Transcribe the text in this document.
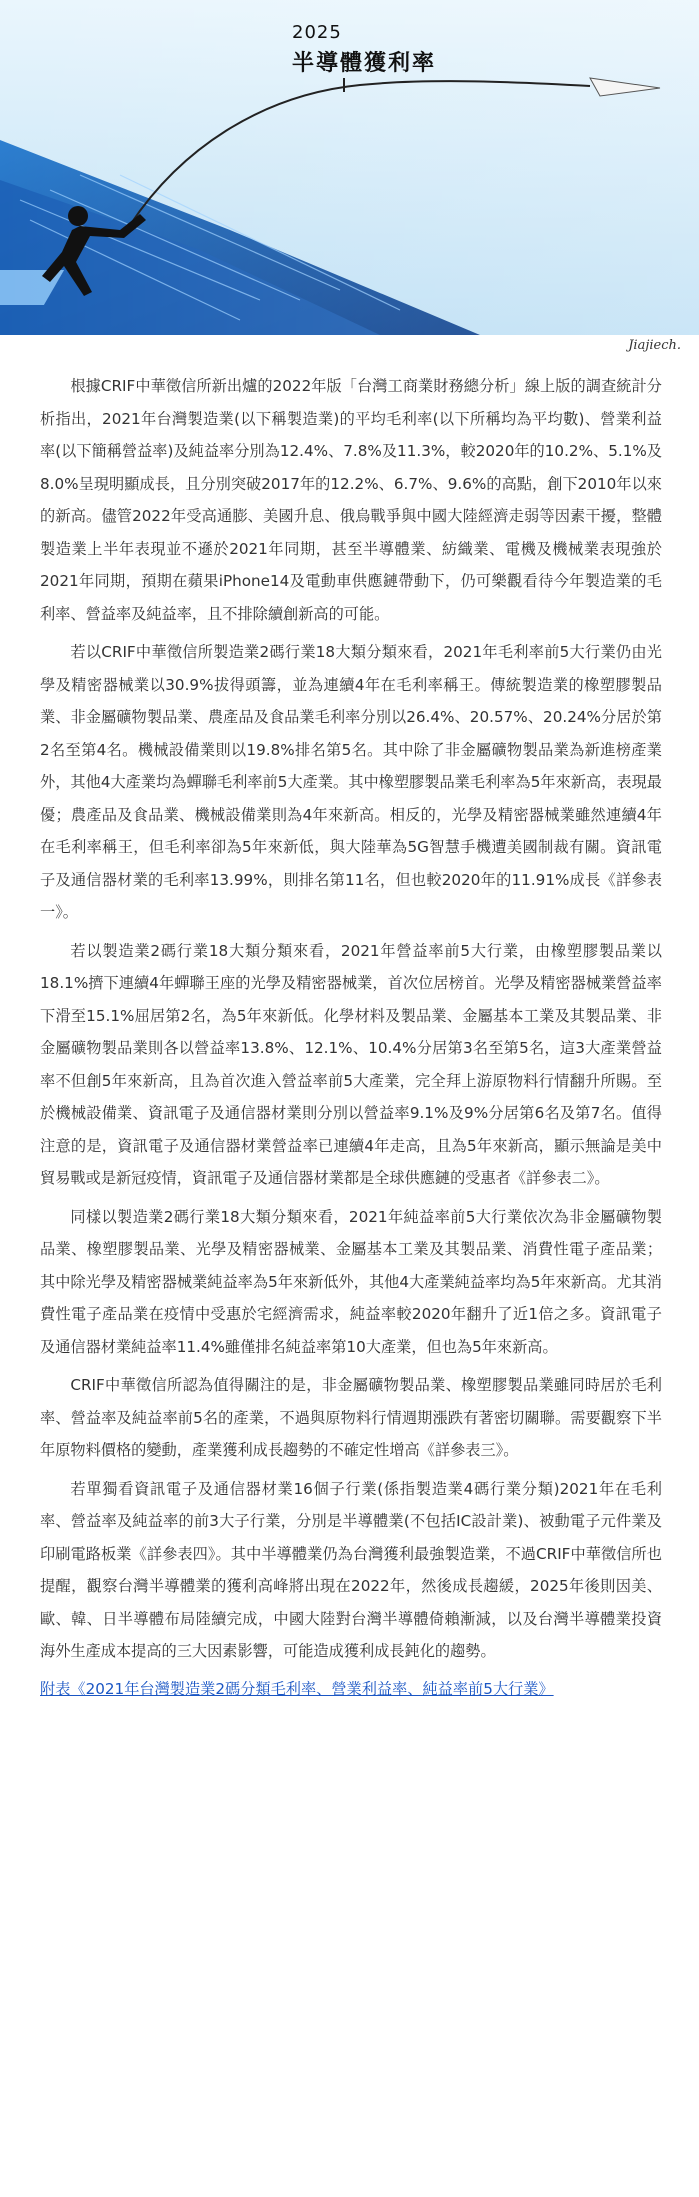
2025
半導體獲利率
Jiajiech.

根據CRIF中華徵信所新出爐的2022年版「台灣工商業財務總分析」線上版的調查統計分析指出，2021年台灣製造業(以下稱製造業)的平均毛利率(以下所稱均為平均數)、營業利益率(以下簡稱營益率)及純益率分別為12.4%、7.8%及11.3%，較2020年的10.2%、5.1%及8.0%呈現明顯成長，且分別突破2017年的12.2%、6.7%、9.6%的高點，創下2010年以來的新高。儘管2022年受高通膨、美國升息、俄烏戰爭與中國大陸經濟走弱等因素干擾，整體製造業上半年表現並不遜於2021年同期，甚至半導體業、紡織業、電機及機械業表現強於2021年同期，預期在蘋果iPhone14及電動車供應鏈帶動下，仍可樂觀看待今年製造業的毛利率、營益率及純益率，且不排除續創新高的可能。

若以CRIF中華徵信所製造業2碼行業18大類分類來看，2021年毛利率前5大行業仍由光學及精密器械業以30.9%拔得頭籌，並為連續4年在毛利率稱王。傳統製造業的橡塑膠製品業、非金屬礦物製品業、農產品及食品業毛利率分別以26.4%、20.57%、20.24%分居於第2名至第4名。機械設備業則以19.8%排名第5名。其中除了非金屬礦物製品業為新進榜產業外，其他4大產業均為蟬聯毛利率前5大產業。其中橡塑膠製品業毛利率為5年來新高，表現最優；農產品及食品業、機械設備業則為4年來新高。相反的，光學及精密器械業雖然連續4年在毛利率稱王，但毛利率卻為5年來新低，與大陸華為5G智慧手機遭美國制裁有關。資訊電子及通信器材業的毛利率13.99%，則排名第11名，但也較2020年的11.91%成長《詳參表一》。

若以製造業2碼行業18大類分類來看，2021年營益率前5大行業，由橡塑膠製品業以18.1%擠下連續4年蟬聯王座的光學及精密器械業，首次位居榜首。光學及精密器械業營益率下滑至15.1%屈居第2名，為5年來新低。化學材料及製品業、金屬基本工業及其製品業、非金屬礦物製品業則各以營益率13.8%、12.1%、10.4%分居第3名至第5名，這3大產業營益率不但創5年來新高，且為首次進入營益率前5大產業，完全拜上游原物料行情翻升所賜。至於機械設備業、資訊電子及通信器材業則分別以營益率9.1%及9%分居第6名及第7名。值得注意的是，資訊電子及通信器材業營益率已連續4年走高，且為5年來新高，顯示無論是美中貿易戰或是新冠疫情，資訊電子及通信器材業都是全球供應鏈的受惠者《詳參表二》。

同樣以製造業2碼行業18大類分類來看，2021年純益率前5大行業依次為非金屬礦物製品業、橡塑膠製品業、光學及精密器械業、金屬基本工業及其製品業、消費性電子產品業；其中除光學及精密器械業純益率為5年來新低外，其他4大產業純益率均為5年來新高。尤其消費性電子產品業在疫情中受惠於宅經濟需求，純益率較2020年翻升了近1倍之多。資訊電子及通信器材業純益率11.4%雖僅排名純益率第10大產業，但也為5年來新高。

CRIF中華徵信所認為值得關注的是，非金屬礦物製品業、橡塑膠製品業雖同時居於毛利率、營益率及純益率前5名的產業，不過與原物料行情週期漲跌有著密切關聯。需要觀察下半年原物料價格的變動，產業獲利成長趨勢的不確定性增高《詳參表三》。

若單獨看資訊電子及通信器材業16個子行業(係指製造業4碼行業分類)2021年在毛利率、營益率及純益率的前3大子行業，分別是半導體業(不包括IC設計業)、被動電子元件業及印刷電路板業《詳參表四》。其中半導體業仍為台灣獲利最強製造業，不過CRIF中華徵信所也提醒，觀察台灣半導體業的獲利高峰將出現在2022年，然後成長趨緩，2025年後則因美、歐、韓、日半導體布局陸續完成，中國大陸對台灣半導體倚賴漸減，以及台灣半導體業投資海外生產成本提高的三大因素影響，可能造成獲利成長鈍化的趨勢。

附表《2021年台灣製造業2碼分類毛利率、營業利益率、純益率前5大行業》
